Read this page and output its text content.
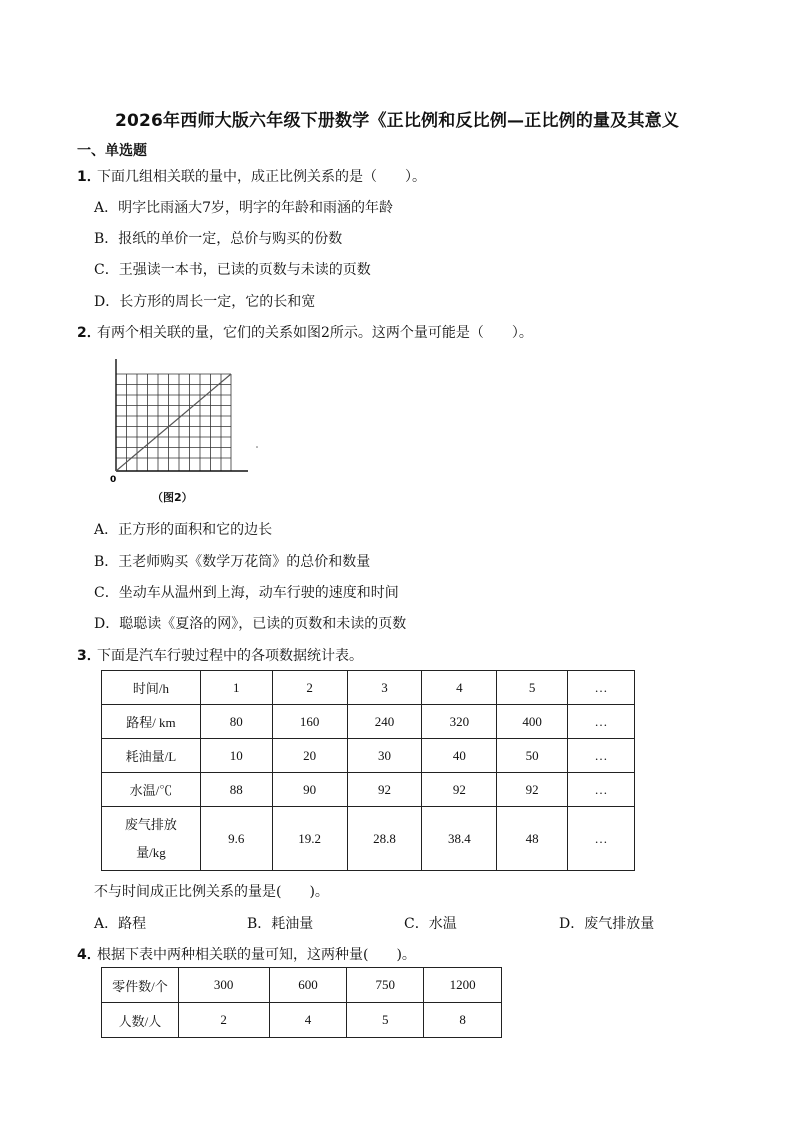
2026年西师大版六年级下册数学《正比例和反比例—正比例的量及其意义
一、单选题
1．下面几组相关联的量中，成正比例关系的是（　　）。
A．明字比雨涵大7岁，明字的年龄和雨涵的年龄
B．报纸的单价一定，总价与购买的份数
C．王强读一本书，已读的页数与未读的页数
D．长方形的周长一定，它的长和宽
2．有两个相关联的量，它们的关系如图2所示。这两个量可能是（　　）。
0
（图2）
A．正方形的面积和它的边长
B．王老师购买《数学万花筒》的总价和数量
C．坐动车从温州到上海，动车行驶的速度和时间
D．聪聪读《夏洛的网》，已读的页数和未读的页数
3．下面是汽车行驶过程中的各项数据统计表。
时间/h	1	2	3	4	5	…
路程/ km	80	160	240	320	400	…
耗油量/L	10	20	30	40	50	…
水温/℃	88	90	92	92	92	…
废气排放量/kg	9.6	19.2	28.8	38.4	48	…
不与时间成正比例关系的量是(　　)。
A．路程	B．耗油量	C．水温	D．废气排放量
4．根据下表中两种相关联的量可知，这两种量(　　)。
零件数/个	300	600	750	1200
人数/人	2	4	5	8
